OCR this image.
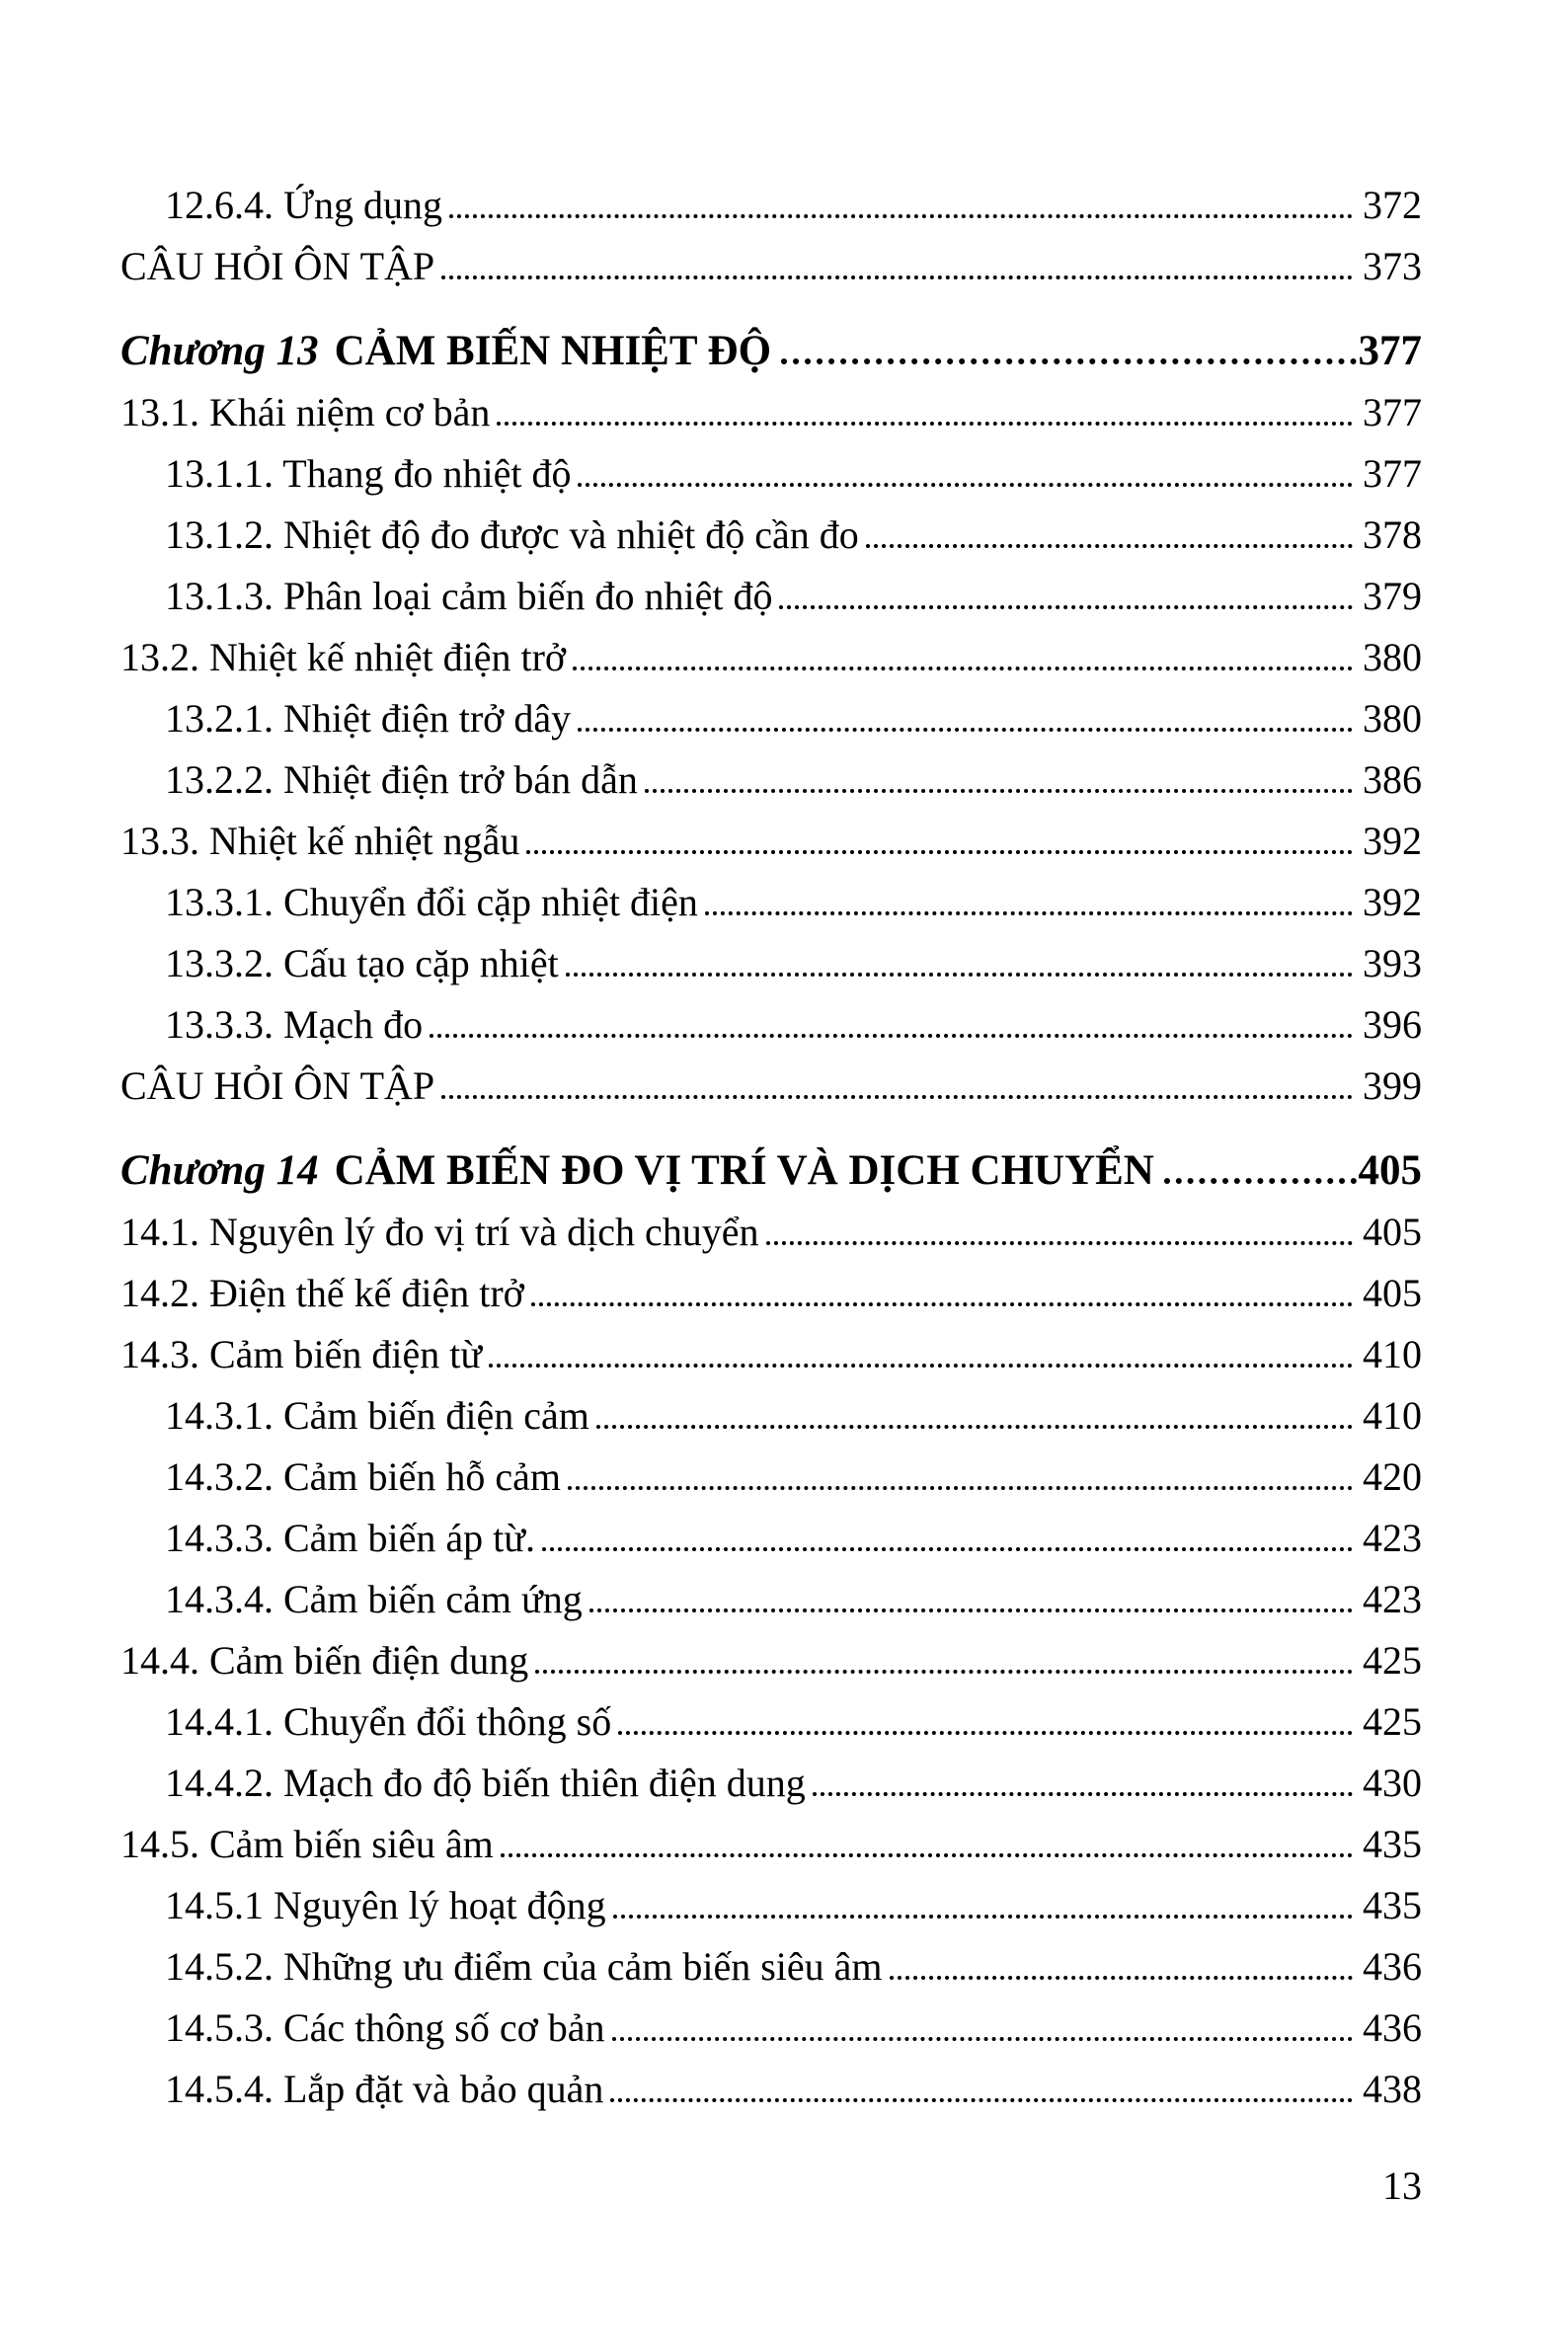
12.6.4. Ứng dụng	372
CÂU HỎI ÔN TẬP	373
Chương 13 CẢM BIẾN NHIỆT ĐỘ	377
13.1. Khái niệm cơ bản	377
13.1.1. Thang đo nhiệt độ	377
13.1.2. Nhiệt độ đo được và nhiệt độ cần đo	378
13.1.3. Phân loại cảm biến đo nhiệt độ	379
13.2. Nhiệt kế nhiệt điện trở	380
13.2.1. Nhiệt điện trở dây	380
13.2.2. Nhiệt điện trở bán dẫn	386
13.3. Nhiệt kế nhiệt ngẫu	392
13.3.1. Chuyển đổi cặp nhiệt điện	392
13.3.2. Cấu tạo cặp nhiệt	393
13.3.3. Mạch đo	396
CÂU HỎI ÔN TẬP	399
Chương 14 CẢM BIẾN ĐO VỊ TRÍ VÀ DỊCH CHUYỂN	405
14.1. Nguyên lý đo vị trí và dịch chuyển	405
14.2. Điện thế kế điện trở	405
14.3. Cảm biến điện từ	410
14.3.1. Cảm biến điện cảm	410
14.3.2. Cảm biến hỗ cảm	420
14.3.3. Cảm biến áp từ.	423
14.3.4. Cảm biến cảm ứng	423
14.4. Cảm biến điện dung	425
14.4.1. Chuyển đổi thông số	425
14.4.2. Mạch đo độ biến thiên điện dung	430
14.5. Cảm biến siêu âm	435
14.5.1 Nguyên lý hoạt động	435
14.5.2. Những ưu điểm của cảm biến siêu âm	436
14.5.3. Các thông số cơ bản	436
14.5.4. Lắp đặt và bảo quản	438
13
